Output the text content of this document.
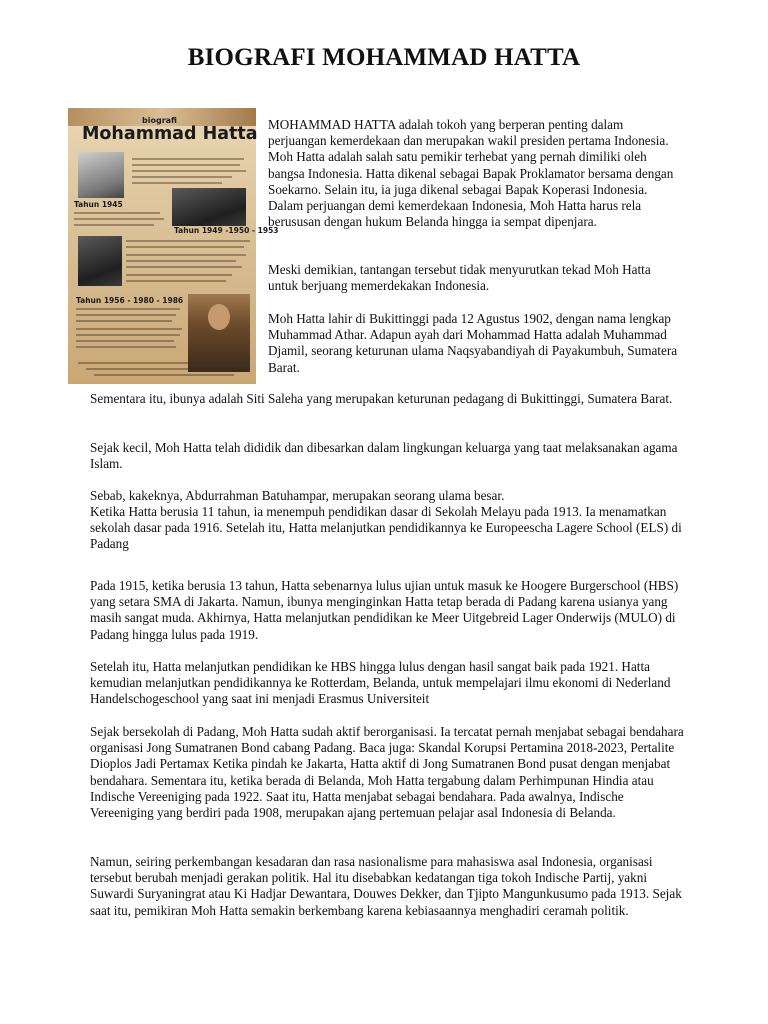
BIOGRAFI MOHAMMAD HATTA
biografi
Mohammad Hatta
Tahun 1945
Tahun 1949 -1950 - 1953
Tahun 1956 - 1980 - 1986

MOHAMMAD HATTA adalah tokoh yang berperan penting dalam perjuangan kemerdekaan dan merupakan wakil presiden pertama Indonesia. Moh Hatta adalah salah satu pemikir terhebat yang pernah dimiliki oleh bangsa Indonesia. Hatta dikenal sebagai Bapak Proklamator bersama dengan Soekarno. Selain itu, ia juga dikenal sebagai Bapak Koperasi Indonesia. Dalam perjuangan demi kemerdekaan Indonesia, Moh Hatta harus rela berususan dengan hukum Belanda hingga ia sempat dipenjara.

Meski demikian, tantangan tersebut tidak menyurutkan tekad Moh Hatta untuk berjuang memerdekakan Indonesia.

Moh Hatta lahir di Bukittinggi pada 12 Agustus 1902, dengan nama lengkap Muhammad Athar. Adapun ayah dari Mohammad Hatta adalah Muhammad Djamil, seorang keturunan ulama Naqsyabandiyah di Payakumbuh, Sumatera Barat.

Sementara itu, ibunya adalah Siti Saleha yang merupakan keturunan pedagang di Bukittinggi, Sumatera Barat.

Sejak kecil, Moh Hatta telah dididik dan dibesarkan dalam lingkungan keluarga yang taat melaksanakan agama Islam.

Sebab, kakeknya, Abdurrahman Batuhampar, merupakan seorang ulama besar.

Ketika Hatta berusia 11 tahun, ia menempuh pendidikan dasar di Sekolah Melayu pada 1913. Ia menamatkan sekolah dasar pada 1916. Setelah itu, Hatta melanjutkan pendidikannya ke Europeescha Lagere School (ELS) di Padang

Pada 1915, ketika berusia 13 tahun, Hatta sebenarnya lulus ujian untuk masuk ke Hoogere Burgerschool (HBS) yang setara SMA di Jakarta. Namun, ibunya menginginkan Hatta tetap berada di Padang karena usianya yang masih sangat muda. Akhirnya, Hatta melanjutkan pendidikan ke Meer Uitgebreid Lager Onderwijs (MULO) di Padang hingga lulus pada 1919.

Setelah itu, Hatta melanjutkan pendidikan ke HBS hingga lulus dengan hasil sangat baik pada 1921. Hatta kemudian melanjutkan pendidikannya ke Rotterdam, Belanda, untuk mempelajari ilmu ekonomi di Nederland Handelschogeschool yang saat ini menjadi Erasmus Universiteit

Sejak bersekolah di Padang, Moh Hatta sudah aktif berorganisasi. Ia tercatat pernah menjabat sebagai bendahara organisasi Jong Sumatranen Bond cabang Padang. Baca juga: Skandal Korupsi Pertamina 2018-2023, Pertalite Dioplos Jadi Pertamax Ketika pindah ke Jakarta, Hatta aktif di Jong Sumatranen Bond pusat dengan menjabat bendahara. Sementara itu, ketika berada di Belanda, Moh Hatta tergabung dalam Perhimpunan Hindia atau Indische Vereeniging pada 1922. Saat itu, Hatta menjabat sebagai bendahara. Pada awalnya, Indische Vereeniging yang berdiri pada 1908, merupakan ajang pertemuan pelajar asal Indonesia di Belanda.

Namun, seiring perkembangan kesadaran dan rasa nasionalisme para mahasiswa asal Indonesia, organisasi tersebut berubah menjadi gerakan politik. Hal itu disebabkan kedatangan tiga tokoh Indische Partij, yakni Suwardi Suryaningrat atau Ki Hadjar Dewantara, Douwes Dekker, dan Tjipto Mangunkusumo pada 1913. Sejak saat itu, pemikiran Moh Hatta semakin berkembang karena kebiasaannya menghadiri ceramah politik.
